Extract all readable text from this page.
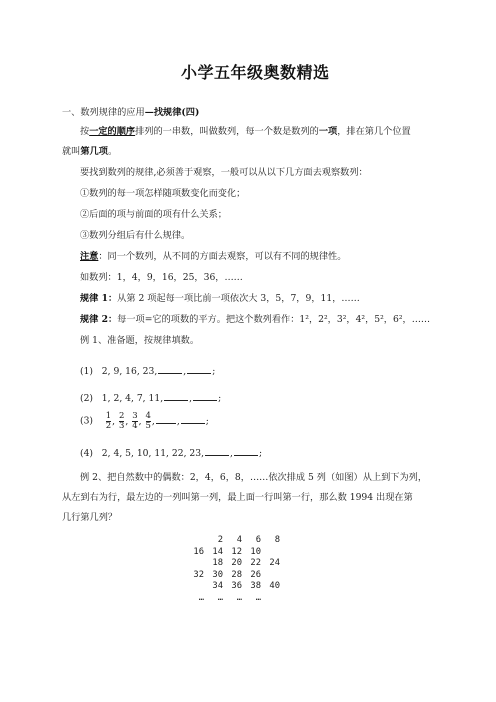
小学五年级奥数精选
一、数列规律的应用—找规律(四)
按一定的顺序排列的一串数，叫做数列，每一个数是数列的一项，排在第几个位置
就叫第几项。
要找到数列的规律,必须善于观察，一般可以从以下几方面去观察数列：
①数列的每一项怎样随项数变化而变化；
②后面的项与前面的项有什么关系；
③数列分组后有什么规律。
注意：同一个数列，从不同的方面去观察，可以有不同的规律性。
如数列：1，4，9，16，25，36，……
规律 1：从第 2 项起每一项比前一项依次大 3，5，7，9，11，……
规律 2：每一项=它的项数的平方。把这个数列看作：1²，2²，3²，4²，5²，6²，……
例 1、准备题，按规律填数。
(1) 2, 9, 16, 23,	,	;
(2) 1, 2, 4, 7, 11,	,	;
$(3) \frac{1}{2}$ , $\frac{2}{3}$ , $\frac{3}{4}$ , $\frac{4}{5}$ , ,	;
(4) 2, 4, 5, 10, 11, 22, 23,	,	;
例 2、把自然数中的偶数：2，4，6，8，……依次排成 5 列（如图）从上到下为列，
从左到右为行，最左边的一列叫第一列，最上面一行叫第一行，那么数 1994 出现在第
几行第几列？
2 4 6 8
16 14 12 10
18 20 22 24
32 30 28 26
34 36 38 40
… … … …
